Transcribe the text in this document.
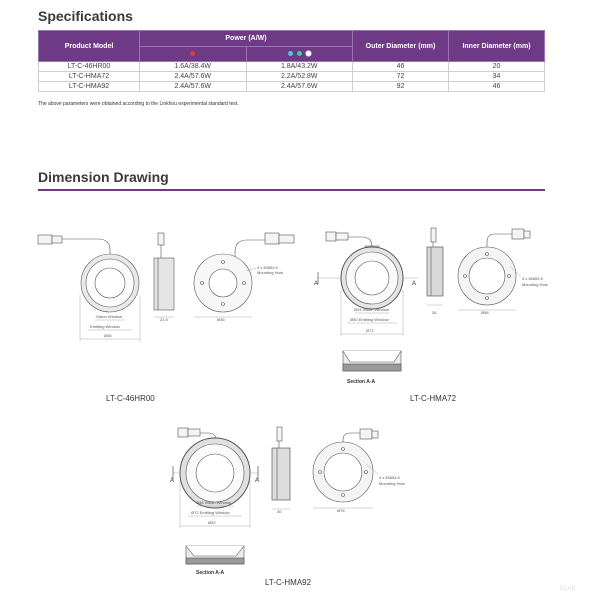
Specifications
Product Model	Power (A/W)		Outer Diameter (mm)	Inner Diameter (mm)

LT-C-46HR00	1.6A/38.4W	1.8A/43.2W	46	20
LT-C-HMA72	2.4A/57.6W	2.2A/52.8W	72	34
LT-C-HMA92	2.4A/57.6W	2.4A/57.6W	92	46
The above parameters were obtained according to the Linkhou experimental standard test.
Dimension Drawing
Vision Window
Emitting Window
Ø46
21.5	Ø46
4 x M3Ø4.5
Mounting Hole
Ø34 Vision Window
Ø50 Emitting Window
Ø72
26	Ø58
4 x M3Ø4.5
Mounting Hole
A	A
Ø46 Vision Window
Ø72 Emitting Window
Ø92
30	Ø76
4 x M3Ø4.5
Mounting Hole
A	A
Section A-A
Section A-A
LT-C-46HR00	LT-C-HMA72
LT-C-HMA92
ELAB
